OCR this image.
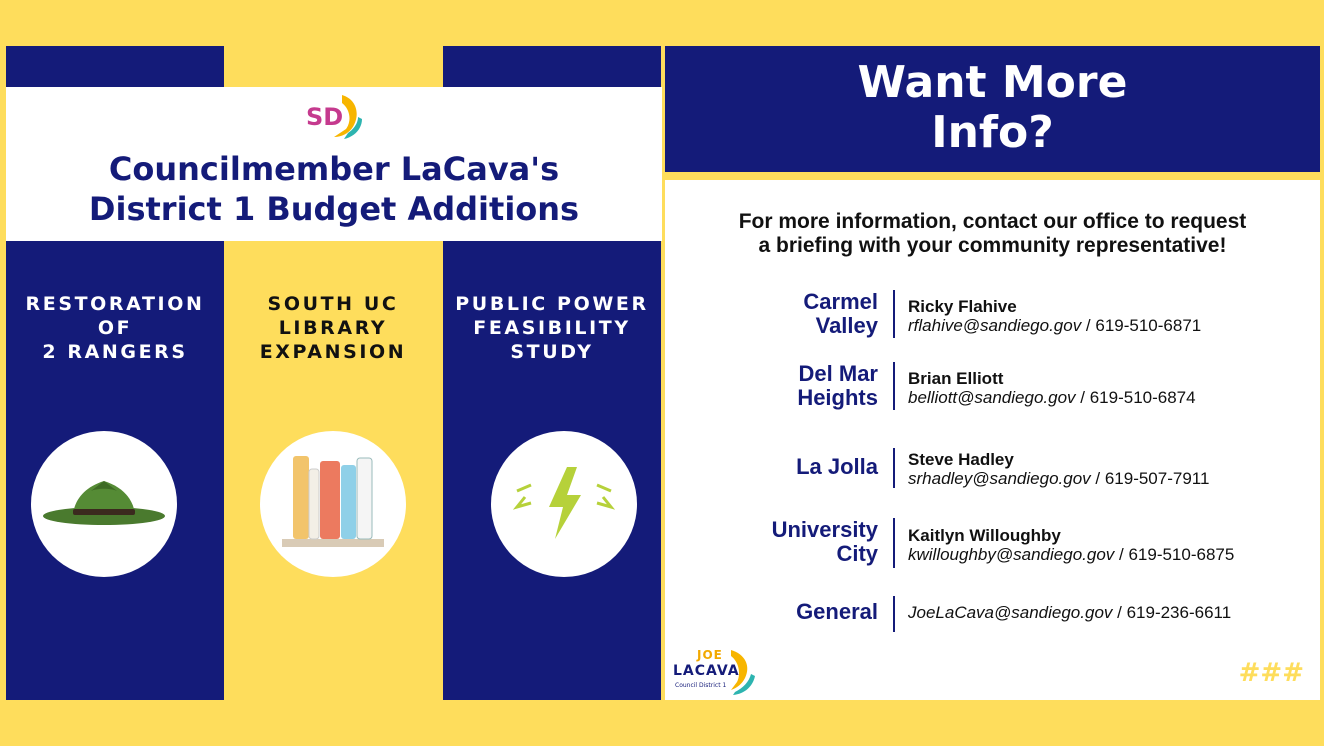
RESTORATION
OF
2 RANGERS
SOUTH UC
LIBRARY
EXPANSION
PUBLIC POWER
FEASIBILITY
STUDY
SD
Councilmember LaCava's
District 1 Budget Additions
Want More
Info?
For more information, contact our office to request
a briefing with your community representative!
Carmel
Valley
Ricky Flahive
rflahive@sandiego.gov / 619-510-6871
Del Mar
Heights
Brian Elliott
belliott@sandiego.gov / 619-510-6874
La Jolla Steve Hadley
srhadley@sandiego.gov / 619-507-7911
University
City
Kaitlyn Willoughby
kwilloughby@sandiego.gov / 619-510-6875
General JoeLaCava@sandiego.gov / 619-236-6611
JOE
LACAVA
Council District 1	###
